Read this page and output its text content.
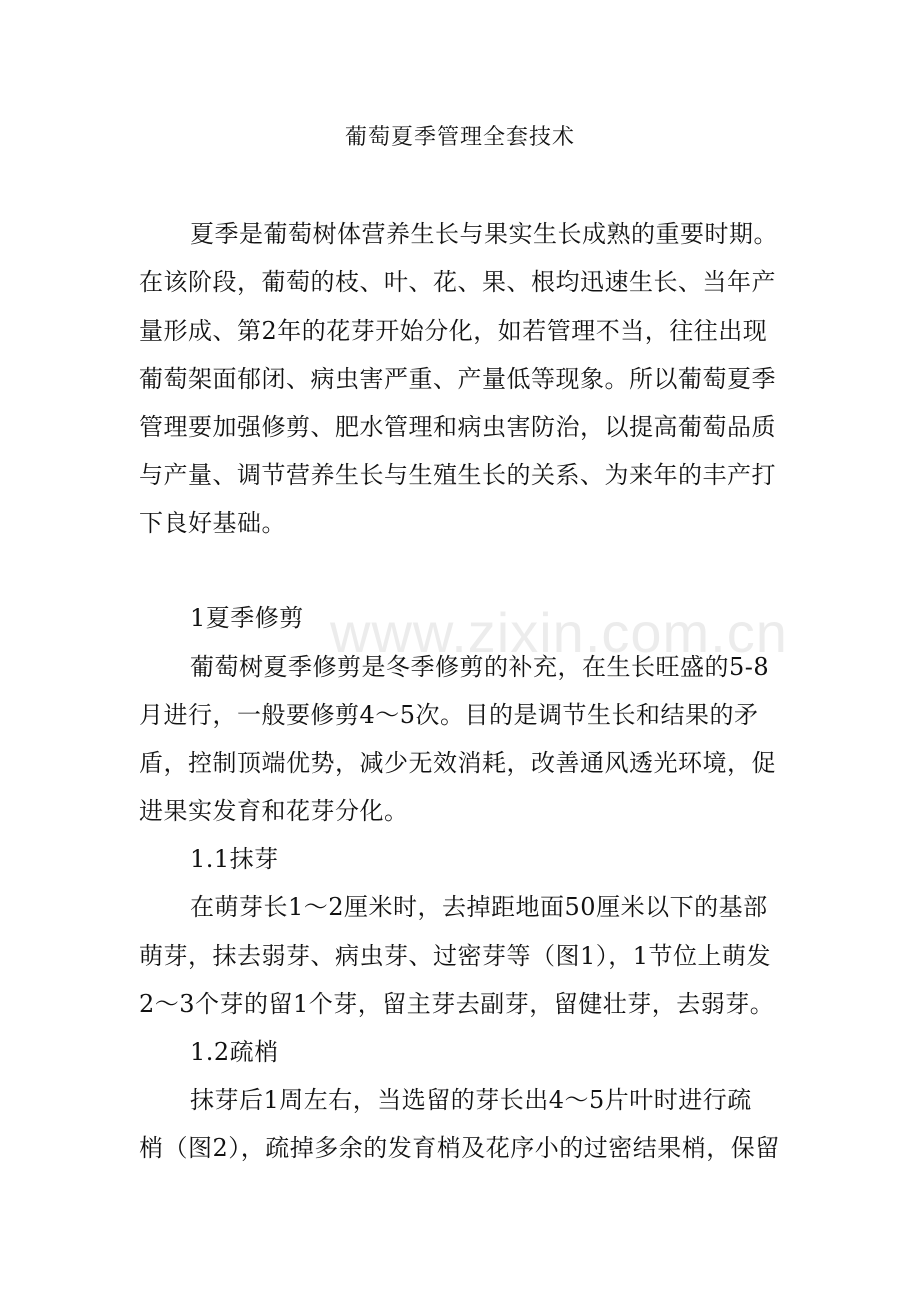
葡萄夏季管理全套技术
夏季是葡萄树体营养生长与果实生长成熟的重要时期。
在该阶段，葡萄的枝、叶、花、果、根均迅速生长、当年产
量形成、第2年的花芽开始分化，如若管理不当，往往出现
葡萄架面郁闭、病虫害严重、产量低等现象。所以葡萄夏季
管理要加强修剪、肥水管理和病虫害防治，以提高葡萄品质
与产量、调节营养生长与生殖生长的关系、为来年的丰产打
下良好基础。
www.zixin.com.cn
1夏季修剪
葡萄树夏季修剪是冬季修剪的补充，在生长旺盛的5-8
月进行，一般要修剪4～5次。目的是调节生长和结果的矛
盾，控制顶端优势，减少无效消耗，改善通风透光环境，促
进果实发育和花芽分化。
1.1抹芽
在萌芽长1～2厘米时，去掉距地面50厘米以下的基部
萌芽，抹去弱芽、病虫芽、过密芽等（图1），1节位上萌发
2～3个芽的留1个芽，留主芽去副芽，留健壮芽，去弱芽。
1.2疏梢
抹芽后1周左右，当选留的芽长出4～5片叶时进行疏
梢（图2），疏掉多余的发育梢及花序小的过密结果梢，保留
